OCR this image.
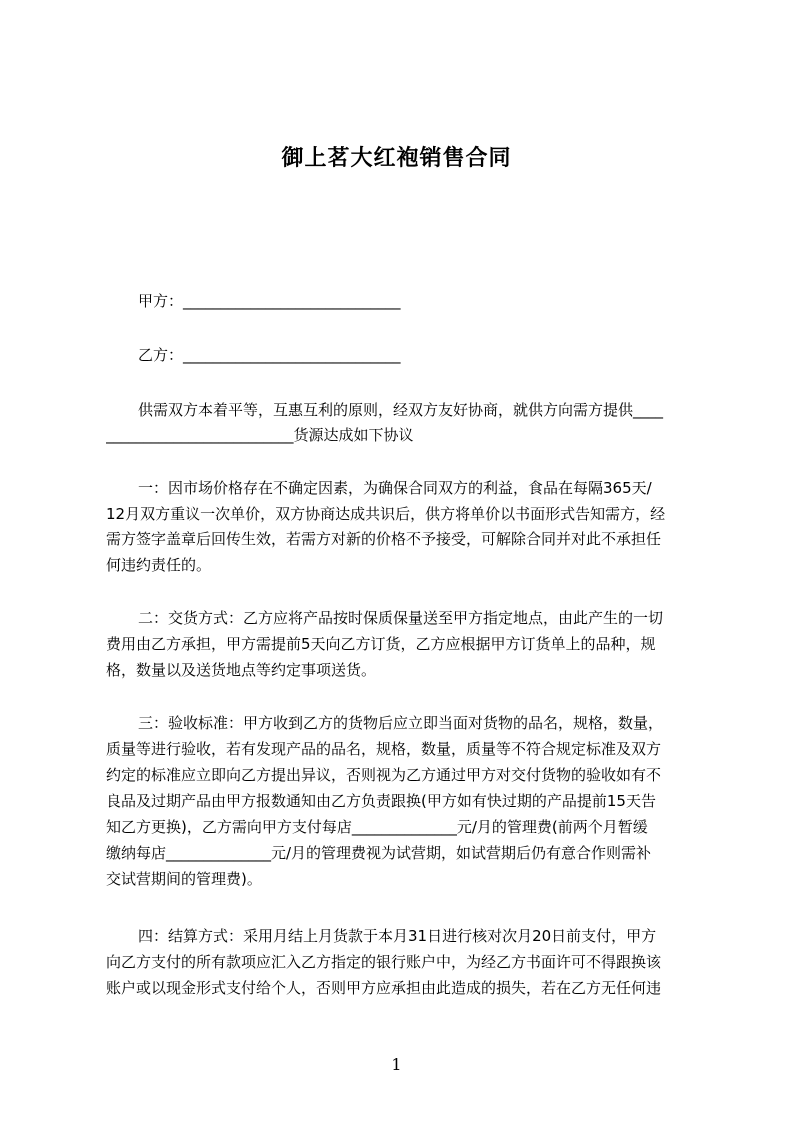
御上茗大红袍销售合同
甲方：_____________________________
乙方：_____________________________
供需双方本着平等，互惠互利的原则，经双方友好协商，就供方向需方提供____
_________________________货源达成如下协议
一：因市场价格存在不确定因素，为确保合同双方的利益，食品在每隔365天/
12月双方重议一次单价，双方协商达成共识后，供方将单价以书面形式告知需方，经
需方签字盖章后回传生效，若需方对新的价格不予接受，可解除合同并对此不承担任
何违约责任的。
二：交货方式：乙方应将产品按时保质保量送至甲方指定地点，由此产生的一切
费用由乙方承担，甲方需提前5天向乙方订货，乙方应根据甲方订货单上的品种，规
格，数量以及送货地点等约定事项送货。
三：验收标准：甲方收到乙方的货物后应立即当面对货物的品名，规格，数量，
质量等进行验收，若有发现产品的品名，规格，数量，质量等不符合规定标准及双方
约定的标准应立即向乙方提出异议，否则视为乙方通过甲方对交付货物的验收如有不
良品及过期产品由甲方报数通知由乙方负责跟换(甲方如有快过期的产品提前15天告
知乙方更换)，乙方需向甲方支付每店______________元/月的管理费(前两个月暂缓
缴纳每店______________元/月的管理费视为试营期，如试营期后仍有意合作则需补
交试营期间的管理费)。
四：结算方式：采用月结上月货款于本月31日进行核对次月20日前支付，甲方
向乙方支付的所有款项应汇入乙方指定的银行账户中，为经乙方书面许可不得跟换该
账户或以现金形式支付给个人，否则甲方应承担由此造成的损失，若在乙方无任何违
1
